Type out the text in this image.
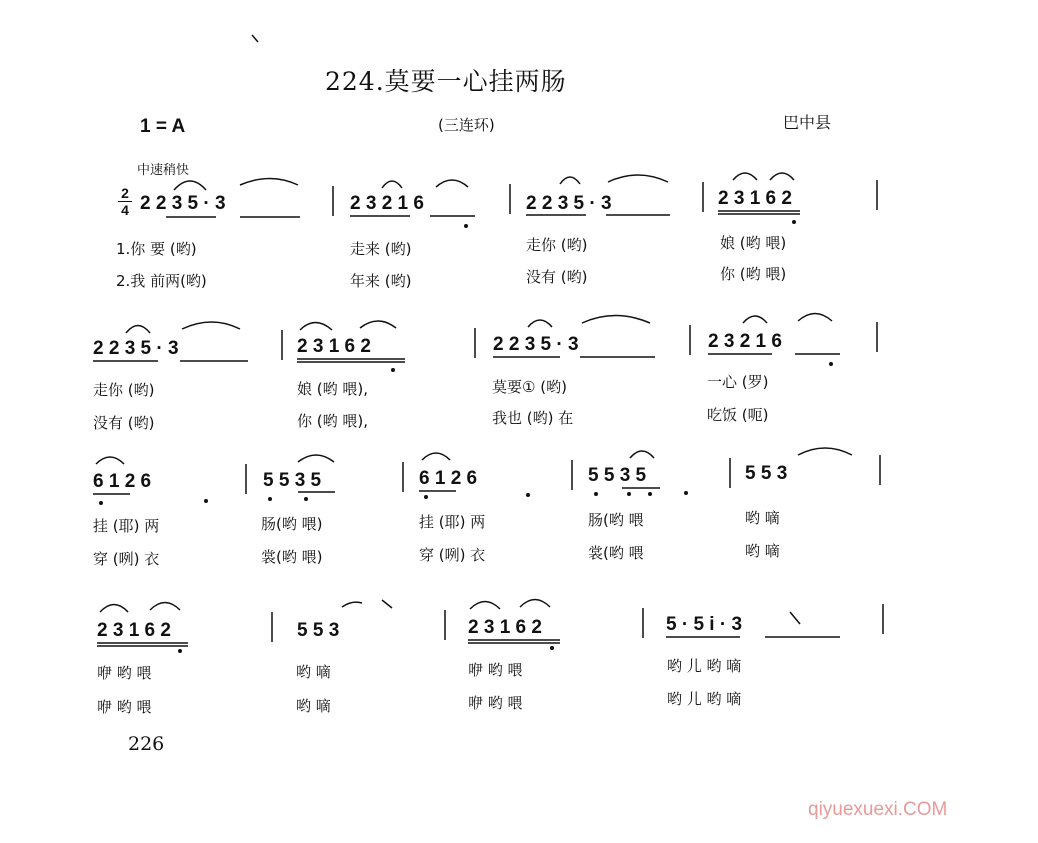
224.莫要一心挂两肠
1 = A	(三连环)	巴中县
中速稍快
2
4 2 2 3 5 · 3	2 3 2 1 6	2 2 3 5 · 3	2 3 1 6 2
1.你 要 (哟)	走来 (哟)	走你 (哟)	娘 (哟 喂)
2.我 前两(哟)	年来 (哟)	没有 (哟)	你 (哟 喂)
2 2 3 5 · 3	2 3 1 6 2	2 2 3 5 · 3	2 3 2 1 6
走你 (哟)	娘 (哟 喂),	莫要① (哟)	一心 (罗)
没有 (哟)	你 (哟 喂),	我也 (哟) 在	吃饭 (呃)
6 1 2 6	5 5 3 5	6 1 2 6	5 5 3 5	5 5 3
挂 (耶) 两	肠(哟 喂)	挂 (耶) 两	肠(哟 喂	哟 嘀
穿 (咧) 衣	裳(哟 喂)	穿 (咧) 衣	裳(哟 喂	哟 嘀
2 3 1 6 2	5 5 3	2 3 1 6 2	5 · 5 i · 3
咿 哟 喂	哟 嘀	咿 哟 喂	哟 儿 哟 嘀
咿 哟 喂	哟 嘀	咿 哟 喂	哟 儿 哟 嘀
226
qiyuexuexi.COM
